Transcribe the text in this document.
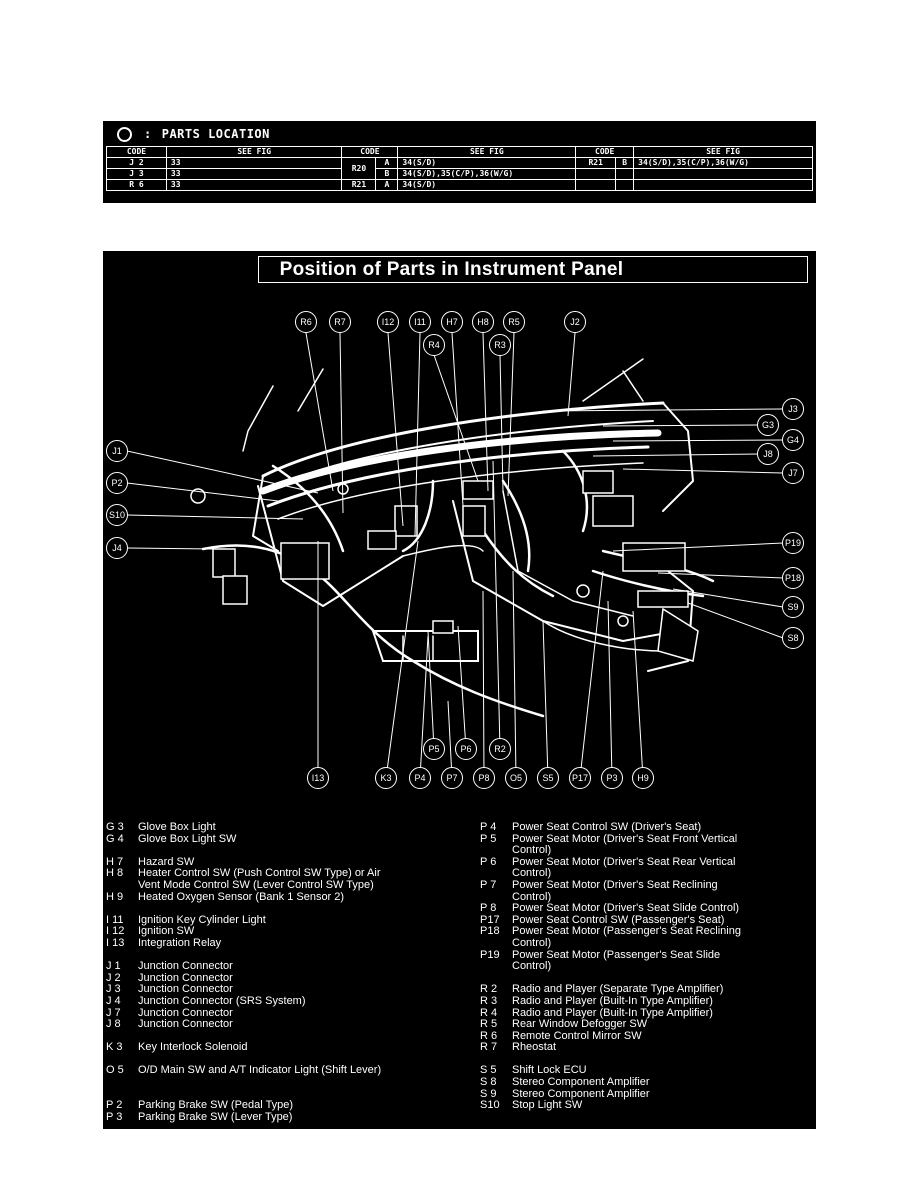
: PARTS LOCATION
CODE	SEE FIG	CODE		SEE FIG	CODE		SEE FIG
J 2	33	R20	A	34(S/D)	R21	B	34(S/D),35(C/P),36(W/G)
J 3	33		B	34(S/D),35(C/P),36(W/G)			
R 6	33	R21	A	34(S/D)			
Position of Parts in Instrument Panel
R6	R7	I12	I11	H7	H8	R5	J2
R4	R3
J3
G3
G4
J8
J7
J1
P2
S10
J4	P19
P18
S9
S8
P5	P6	R2
I13	K3	P4	P7	P8	O5	S5	P17	P3	H9
G 3	Glove Box Light
G 4	Glove Box Light SW
H 7	Hazard SW
H 8	Heater Control SW (Push Control SW Type) or Air
Vent Mode Control SW (Lever Control SW Type)
H 9	Heated Oxygen Sensor (Bank 1 Sensor 2)
I 11	Ignition Key Cylinder Light
I 12	Ignition SW
I 13	Integration Relay
J 1	Junction Connector
J 2	Junction Connector
J 3	Junction Connector
J 4	Junction Connector (SRS System)
J 7	Junction Connector
J 8	Junction Connector
K 3	Key Interlock Solenoid
O 5	O/D Main SW and A/T Indicator Light (Shift Lever)
P 2	Parking Brake SW (Pedal Type)
P 3	Parking Brake SW (Lever Type)
P 4	Power Seat Control SW (Driver's Seat)
P 5	Power Seat Motor (Driver's Seat Front Vertical
Control)
P 6	Power Seat Motor (Driver's Seat Rear Vertical
Control)
P 7	Power Seat Motor (Driver's Seat Reclining
Control)
P 8	Power Seat Motor (Driver's Seat Slide Control)
P17	Power Seat Control SW (Passenger's Seat)
P18	Power Seat Motor (Passenger's Seat Reclining
Control)
P19	Power Seat Motor (Passenger's Seat Slide
Control)
R 2	Radio and Player (Separate Type Amplifier)
R 3	Radio and Player (Built-In Type Amplifier)
R 4	Radio and Player (Built-In Type Amplifier)
R 5	Rear Window Defogger SW
R 6	Remote Control Mirror SW
R 7	Rheostat
S 5	Shift Lock ECU
S 8	Stereo Component Amplifier
S 9	Stereo Component Amplifier
S10	Stop Light SW
